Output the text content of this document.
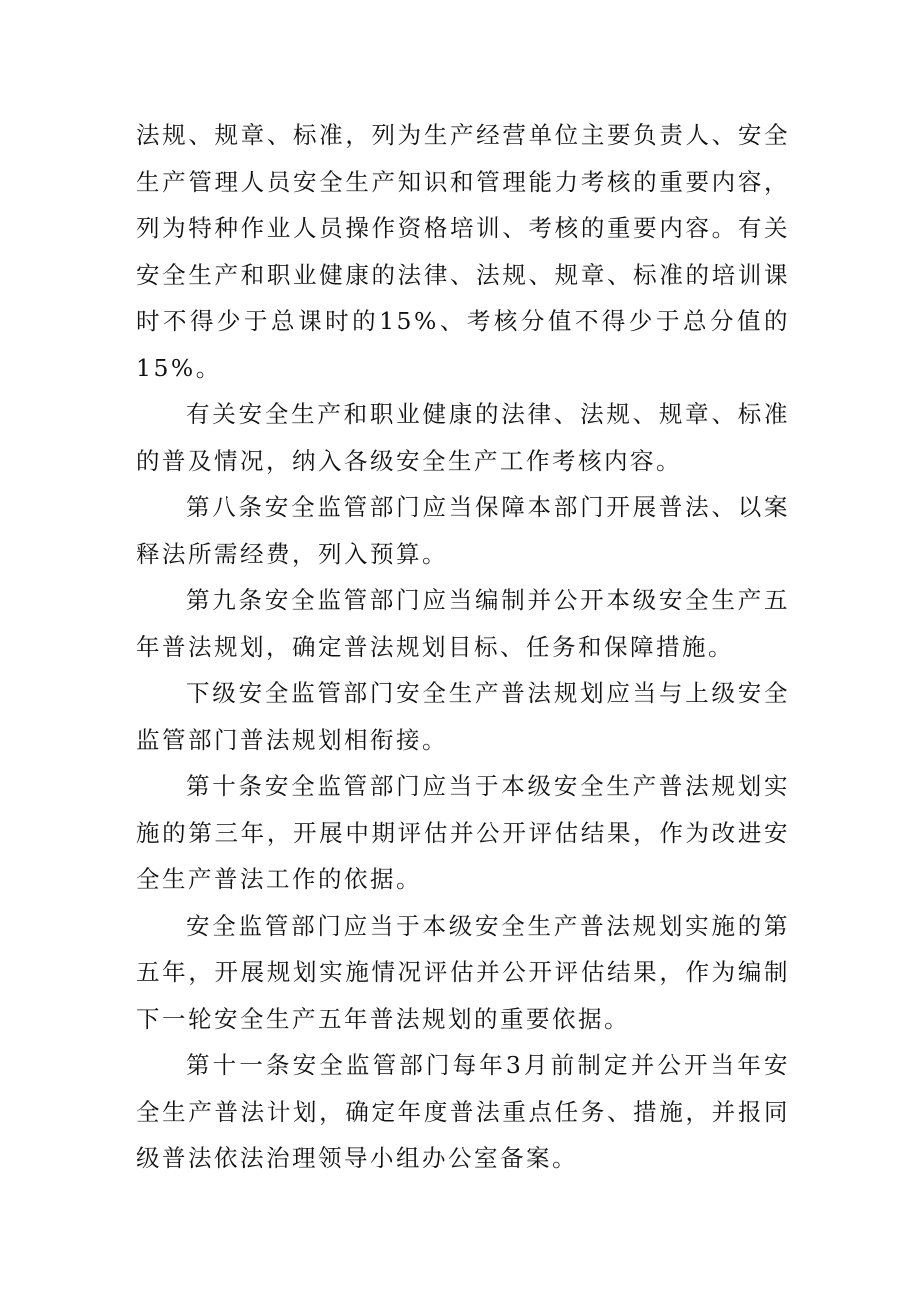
法规、规章、标准，列为生产经营单位主要负责人、安全生产管理人员安全生产知识和管理能力考核的重要内容，列为特种作业人员操作资格培训、考核的重要内容。有关安全生产和职业健康的法律、法规、规章、标准的培训课时不得少于总课时的15%、考核分值不得少于总分值的15%。

有关安全生产和职业健康的法律、法规、规章、标准的普及情况，纳入各级安全生产工作考核内容。

第八条安全监管部门应当保障本部门开展普法、以案释法所需经费，列入预算。

第九条安全监管部门应当编制并公开本级安全生产五年普法规划，确定普法规划目标、任务和保障措施。

下级安全监管部门安全生产普法规划应当与上级安全监管部门普法规划相衔接。

第十条安全监管部门应当于本级安全生产普法规划实施的第三年，开展中期评估并公开评估结果，作为改进安全生产普法工作的依据。

安全监管部门应当于本级安全生产普法规划实施的第五年，开展规划实施情况评估并公开评估结果，作为编制下一轮安全生产五年普法规划的重要依据。

第十一条安全监管部门每年3月前制定并公开当年安全生产普法计划，确定年度普法重点任务、措施，并报同级普法依法治理领导小组办公室备案。
